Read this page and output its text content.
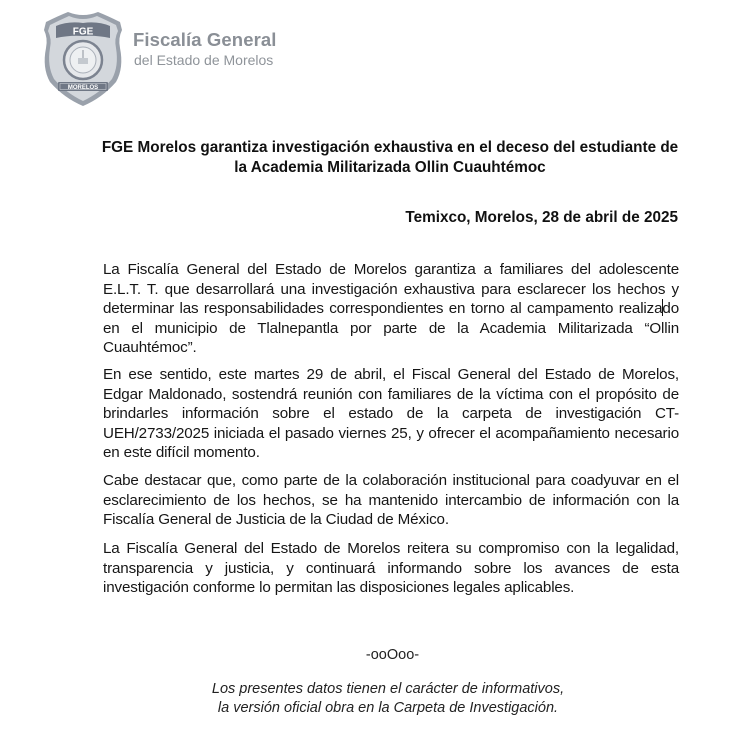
FGE
MORELOS
Fiscalía General
del Estado de Morelos
FGE Morelos garantiza investigación exhaustiva en el deceso del estudiante de
la Academia Militarizada Ollin Cuauhtémoc
Temixco, Morelos, 28 de abril de 2025

La Fiscalía General del Estado de Morelos garantiza a familiares del adolescente E.L.T. T. que desarrollará una investigación exhaustiva para esclarecer los hechos y determinar las responsabilidades correspondientes en torno al campamento realizado en el municipio de Tlalnepantla por parte de la Academia Militarizada “Ollin Cuauhtémoc”.

En ese sentido, este martes 29 de abril, el Fiscal General del Estado de Morelos, Edgar Maldonado, sostendrá reunión con familiares de la víctima con el propósito de brindarles información sobre el estado de la carpeta de investigación CT-UEH/2733/2025 iniciada el pasado viernes 25, y ofrecer el acompañamiento necesario en este difícil momento.

Cabe destacar que, como parte de la colaboración institucional para coadyuvar en el esclarecimiento de los hechos, se ha mantenido intercambio de información con la Fiscalía General de Justicia de la Ciudad de México.

La Fiscalía General del Estado de Morelos reitera su compromiso con la legalidad, transparencia y justicia, y continuará informando sobre los avances de esta investigación conforme lo permitan las disposiciones legales aplicables.

-ooOoo-
Los presentes datos tienen el carácter de informativos,
la versión oficial obra en la Carpeta de Investigación.
